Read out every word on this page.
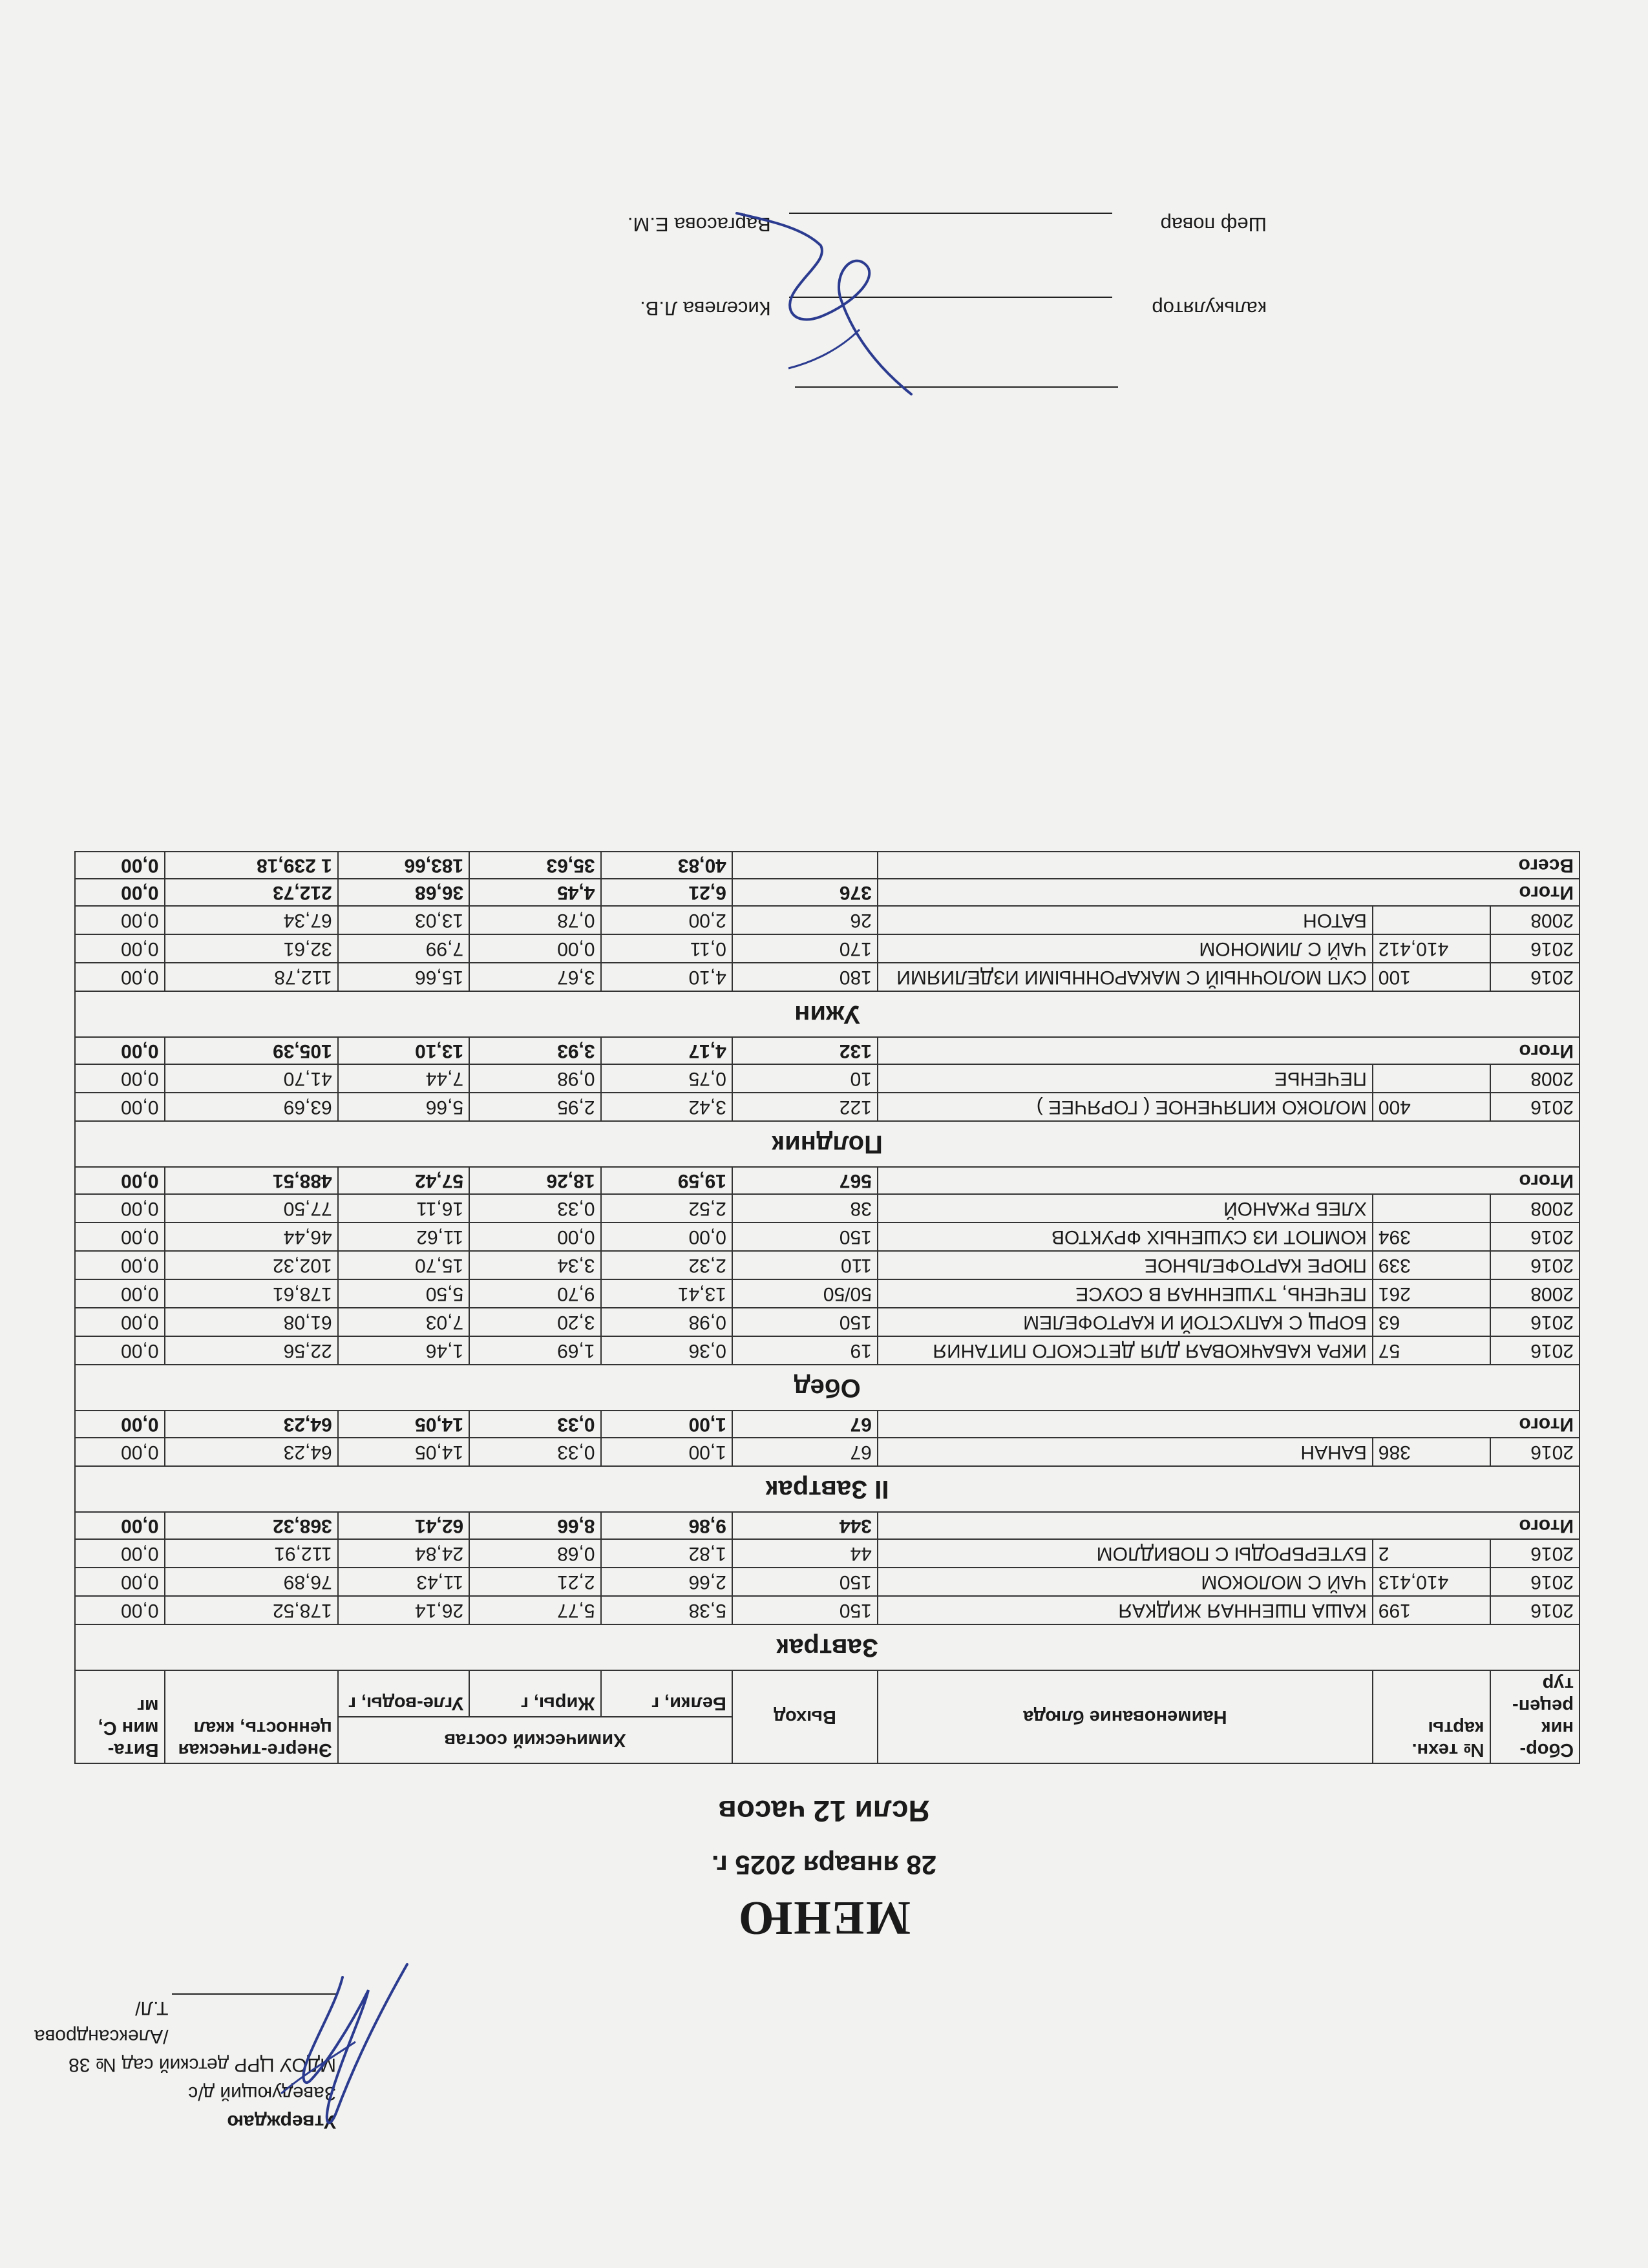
Утверждаю
Заведующий д/с
МДОУ ЦРР детский сад № 38
/Александрова Т.Л/
МЕНЮ
28 января 2025 г.
Ясли 12 часов
Сбор-ник рецеп-тур	№ техн. карты	Наименование блюда	Выход	Химический состав			Энерге-тическая ценность, ккал	Вита-мин С, мг
				Белки, г	Жиры, г	Угле-воды, г		
Завтрак								
2016	199	КАША ПШЕННАЯ ЖИДКАЯ	150	5,38	5,77	26,14	178,52	0,00
2016	410,413	ЧАЙ С МОЛОКОМ	150	2,66	2,21	11,43	76,89	0,00
2016	2	БУТЕРБРОДЫ С ПОВИДЛОМ	44	1,82	0,68	24,84	112,91	0,00
Итого			344	9,86	8,66	62,41	368,32	0,00
II Завтрак								
2016	386	БАНАН	67	1,00	0,33	14,05	64,23	0,00
Итого			67	1,00	0,33	14,05	64,23	0,00
Обед								
2016	57	ИКРА КАБАЧКОВАЯ ДЛЯ ДЕТСКОГО ПИТАНИЯ	19	0,36	1,69	1,46	22,56	0,00
2016	63	БОРЩ С КАПУСТОЙ И КАРТОФЕЛЕМ	150	0,98	3,20	7,03	61,08	0,00
2008	261	ПЕЧЕНЬ, ТУШЕННАЯ В СОУСЕ	50/50	13,41	9,70	5,50	178,61	0,00
2016	339	ПЮРЕ КАРТОФЕЛЬНОЕ	110	2,32	3,34	15,70	102,32	0,00
2016	394	КОМПОТ ИЗ СУШЕНЫХ ФРУКТОВ	150	0,00	0,00	11,62	46,44	0,00
2008		ХЛЕБ РЖАНОЙ	38	2,52	0,33	16,11	77,50	0,00
Итого			567	19,59	18,26	57,42	488,51	0,00
Полдник								
2016	400	МОЛОКО КИПЯЧЕНОЕ ( ГОРЯЧЕЕ )	122	3,42	2,95	5,66	63,69	0,00
2008		ПЕЧЕНЬЕ	10	0,75	0,98	7,44	41,70	0,00
Итого			132	4,17	3,93	13,10	105,39	0,00
Ужин								
2016	100	СУП МОЛОЧНЫЙ С МАКАРОННЫМИ ИЗДЕЛИЯМИ	180	4,10	3,67	15,66	112,78	0,00
2016	410,412	ЧАЙ С ЛИМОНОМ	170	0,11	0,00	7,99	32,61	0,00
2008		БАТОН	26	2,00	0,78	13,03	67,34	0,00
Итого			376	6,21	4,45	36,68	212,73	0,00
Всего				40,83	35,63	183,66	1 239,18	0,00
калькулятор  Киселева Л.В.
Шеф повар  Варгасова Е.М.
